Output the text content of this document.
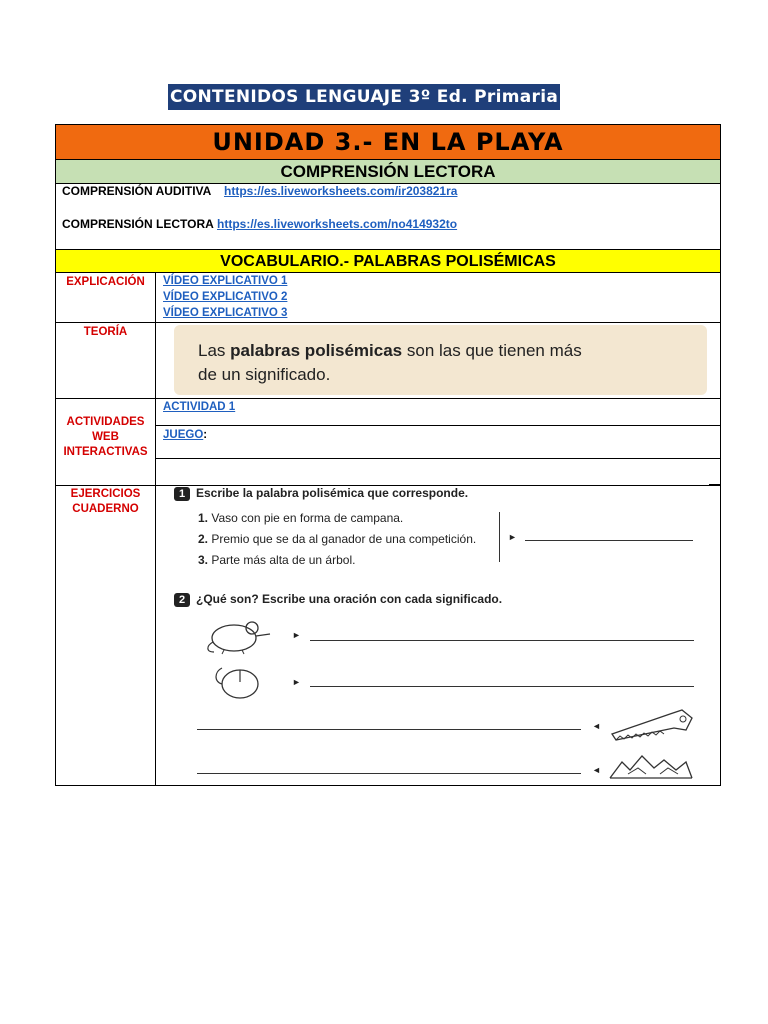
CONTENIDOS LENGUAJE 3º Ed. Primaria
UNIDAD 3.- EN LA PLAYA
COMPRENSIÓN LECTORA
COMPRENSIÓN AUDITIVA https://es.liveworksheets.com/ir203821ra
COMPRENSIÓN LECTORA https://es.liveworksheets.com/no414932to
VOCABULARIO.- PALABRAS POLISÉMICAS
EXPLICACIÓN	VÍDEO EXPLICATIVO 1
VÍDEO EXPLICATIVO 2
VÍDEO EXPLICATIVO 3
TEORÍA
Las palabras polisémicas son las que tienen más
de un significado.
ACTIVIDADES
WEB
INTERACTIVAS
ACTIVIDAD 1
JUEGO:
EJERCICIOS
CUADERNO
1 Escribe la palabra polisémica que corresponde.
1. Vaso con pie en forma de campana.
2. Premio que se da al ganador de una competición.
3. Parte más alta de un árbol.
►
2 ¿Qué son? Escribe una oración con cada significado.
►
►
◄
◄
